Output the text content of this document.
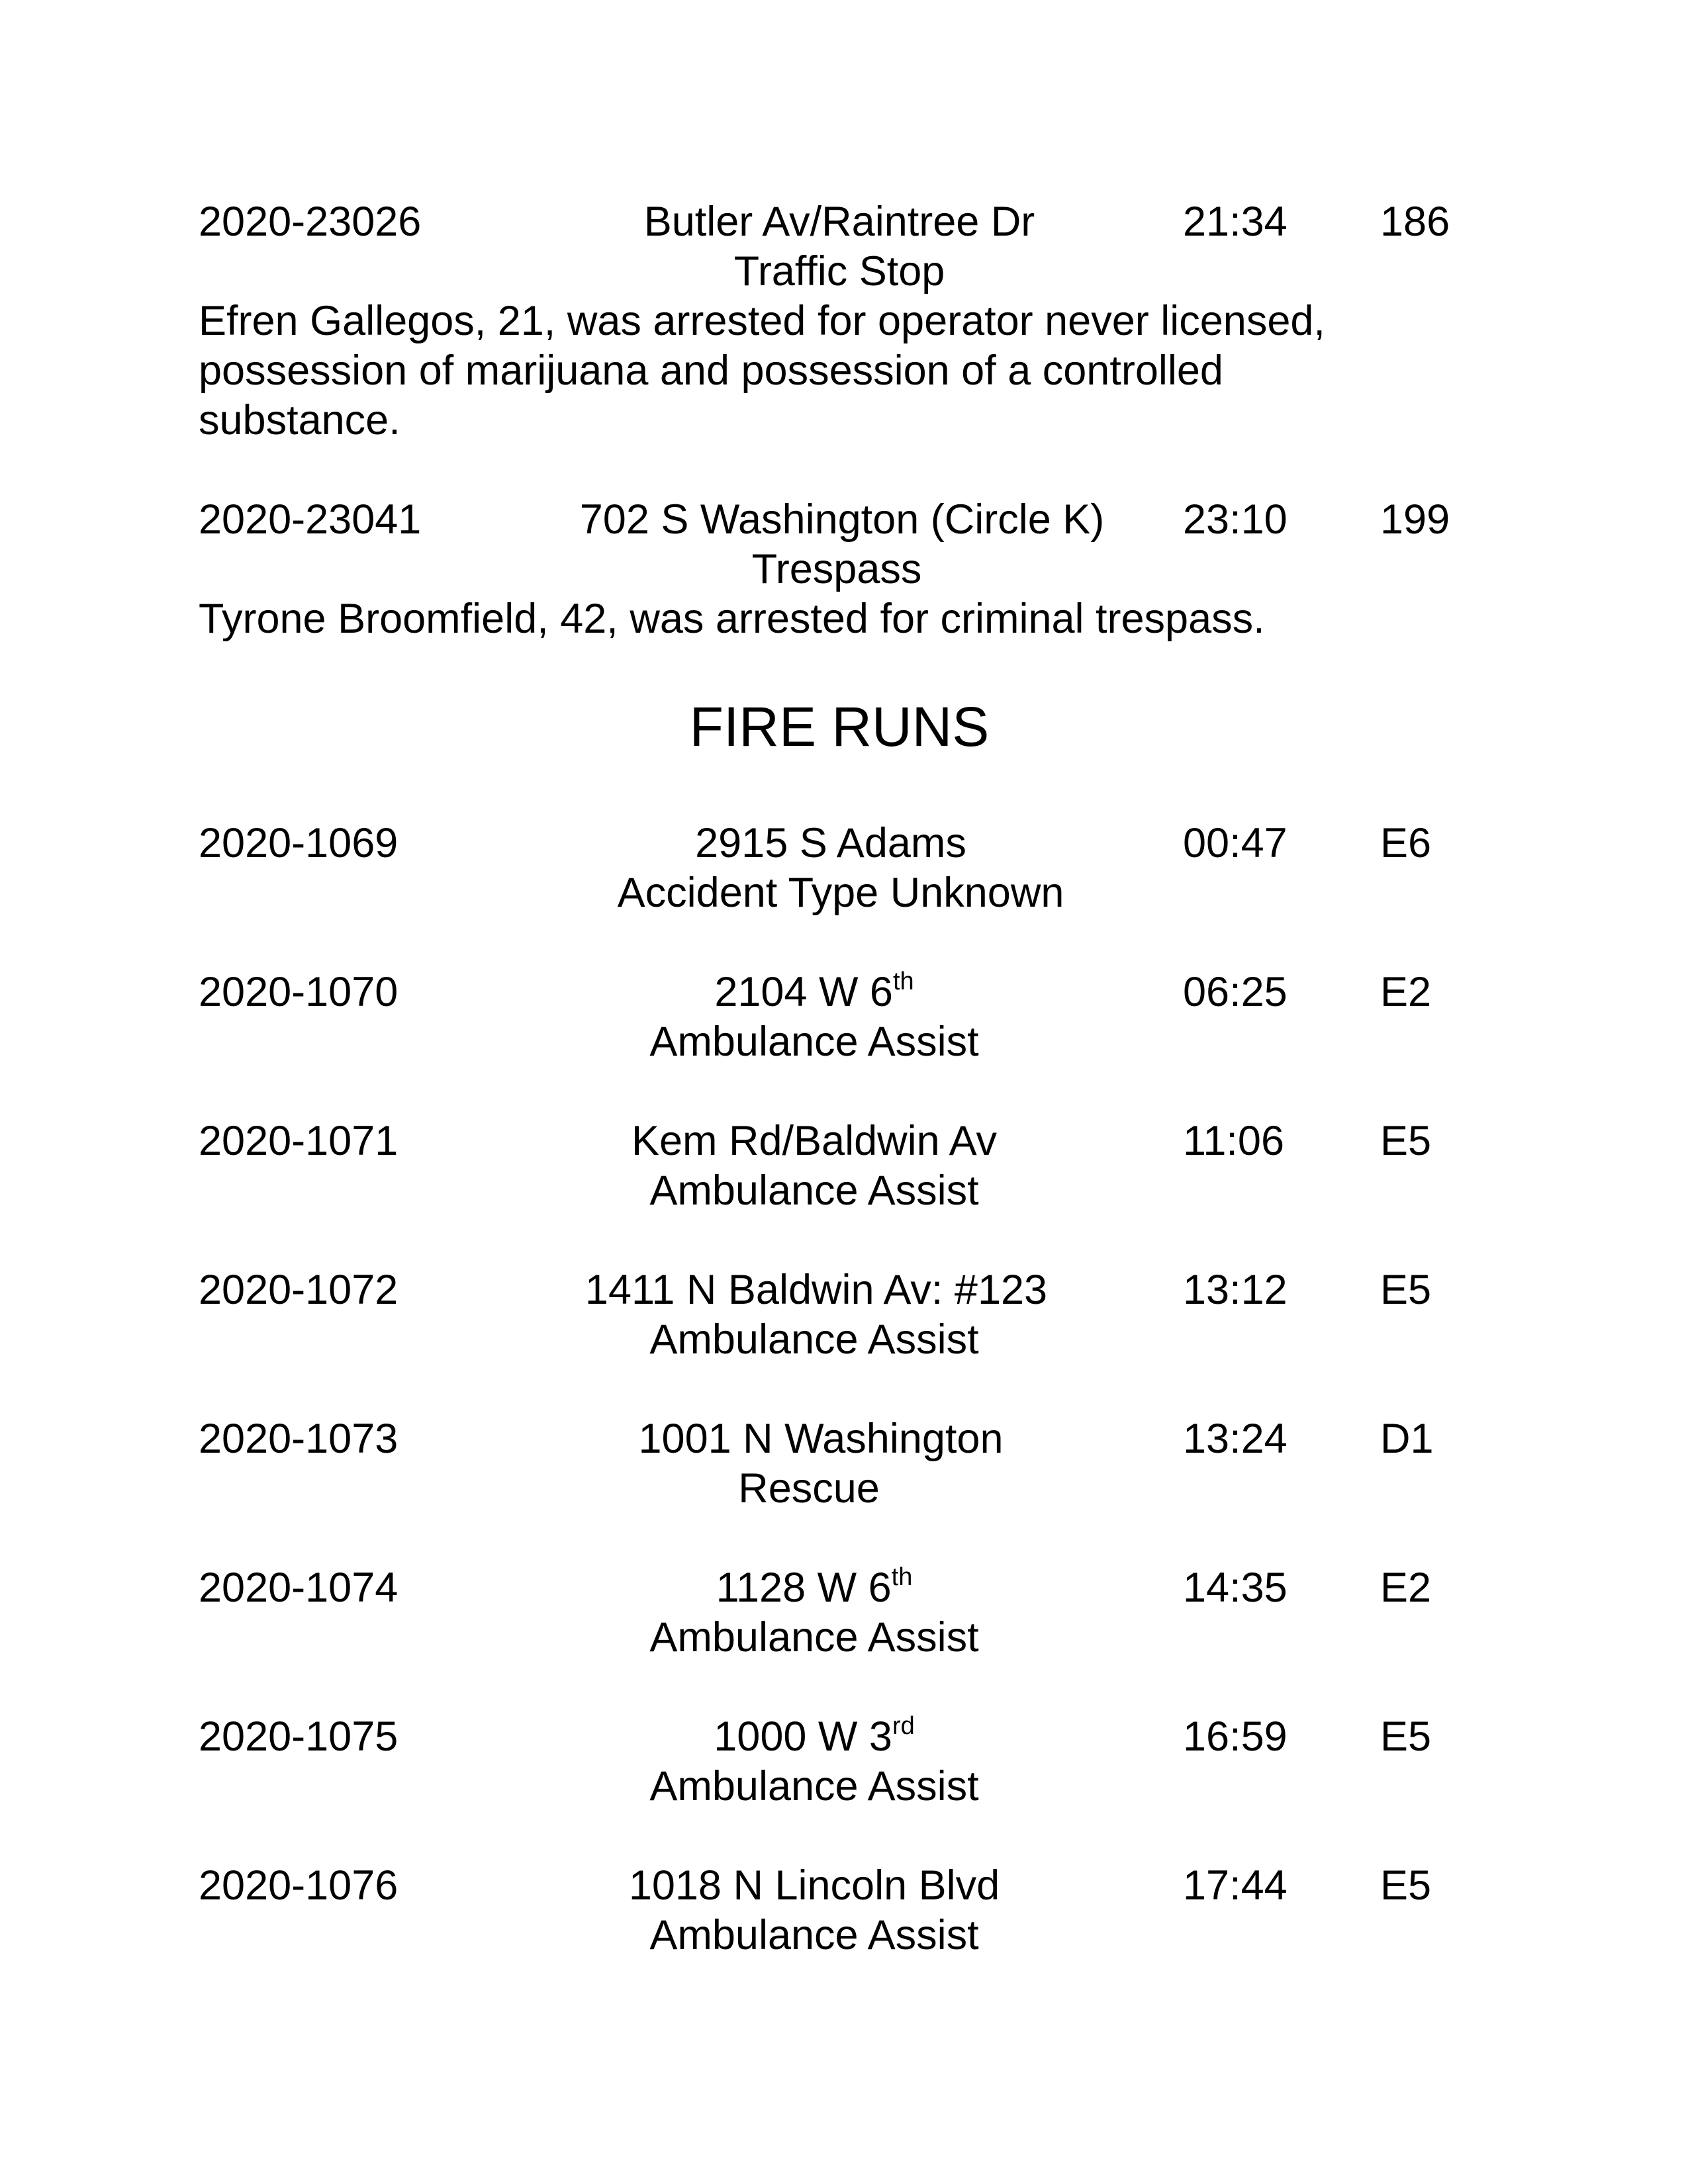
2020-23026	Butler Av/Raintree Dr	21:34 186
Traffic Stop
Efren Gallegos, 21, was arrested for operator never licensed, possession of marijuana and possession of a controlled substance.
2020-23041	702 S Washington (Circle K) 23:10 199
Trespass
Tyrone Broomfield, 42, was arrested for criminal trespass.
FIRE RUNS
2020-1069	2915 S Adams	00:47 E6
Accident Type Unknown
2020-1070	2104 W 6th	06:25 E2
Ambulance Assist
2020-1071	Kem Rd/Baldwin Av	11:06 E5
Ambulance Assist
2020-1072	1411 N Baldwin Av: #123	13:12 E5
Ambulance Assist
2020-1073	1001 N Washington	13:24 D1
Rescue
2020-1074	1128 W 6th	14:35 E2
Ambulance Assist
2020-1075	1000 W 3rd	16:59 E5
Ambulance Assist
2020-1076	1018 N Lincoln Blvd	17:44 E5
Ambulance Assist
